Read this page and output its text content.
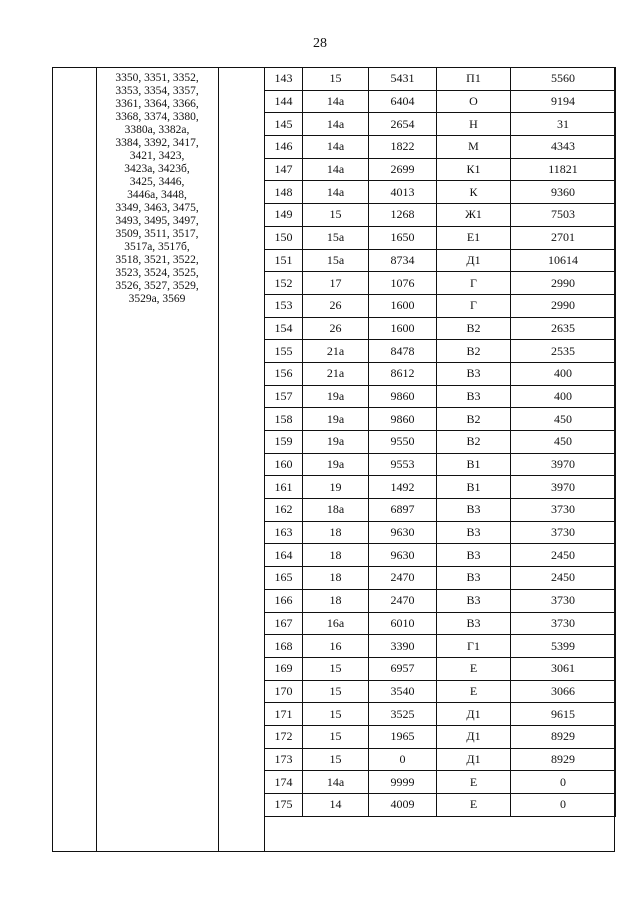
28
3350, 3351, 3352,
3353, 3354, 3357,
3361, 3364, 3366,
3368, 3374, 3380,
3380а, 3382а,
3384, 3392, 3417,
3421, 3423,
3423а, 3423б,
3425, 3446,
3446а, 3448,
3349, 3463, 3475,
3493, 3495, 3497,
3509, 3511, 3517,
3517а, 3517б,
3518, 3521, 3522,
3523, 3524, 3525,
3526, 3527, 3529,
3529а, 3569
143	15	5431	П1	5560
144	14а	6404	О	9194
145	14а	2654	Н	31
146	14а	1822	М	4343
147	14а	2699	К1	11821
148	14а	4013	К	9360
149	15	1268	Ж1	7503
150	15а	1650	Е1	2701
151	15а	8734	Д1	10614
152	17	1076	Г	2990
153	26	1600	Г	2990
154	26	1600	В2	2635
155	21а	8478	В2	2535
156	21а	8612	В3	400
157	19а	9860	В3	400
158	19а	9860	В2	450
159	19а	9550	В2	450
160	19а	9553	В1	3970
161	19	1492	В1	3970
162	18а	6897	В3	3730
163	18	9630	В3	3730
164	18	9630	В3	2450
165	18	2470	В3	2450
166	18	2470	В3	3730
167	16а	6010	В3	3730
168	16	3390	Г1	5399
169	15	6957	Е	3061
170	15	3540	Е	3066
171	15	3525	Д1	9615
172	15	1965	Д1	8929
173	15	0	Д1	8929
174	14а	9999	Е	0
175	14	4009	Е	0
